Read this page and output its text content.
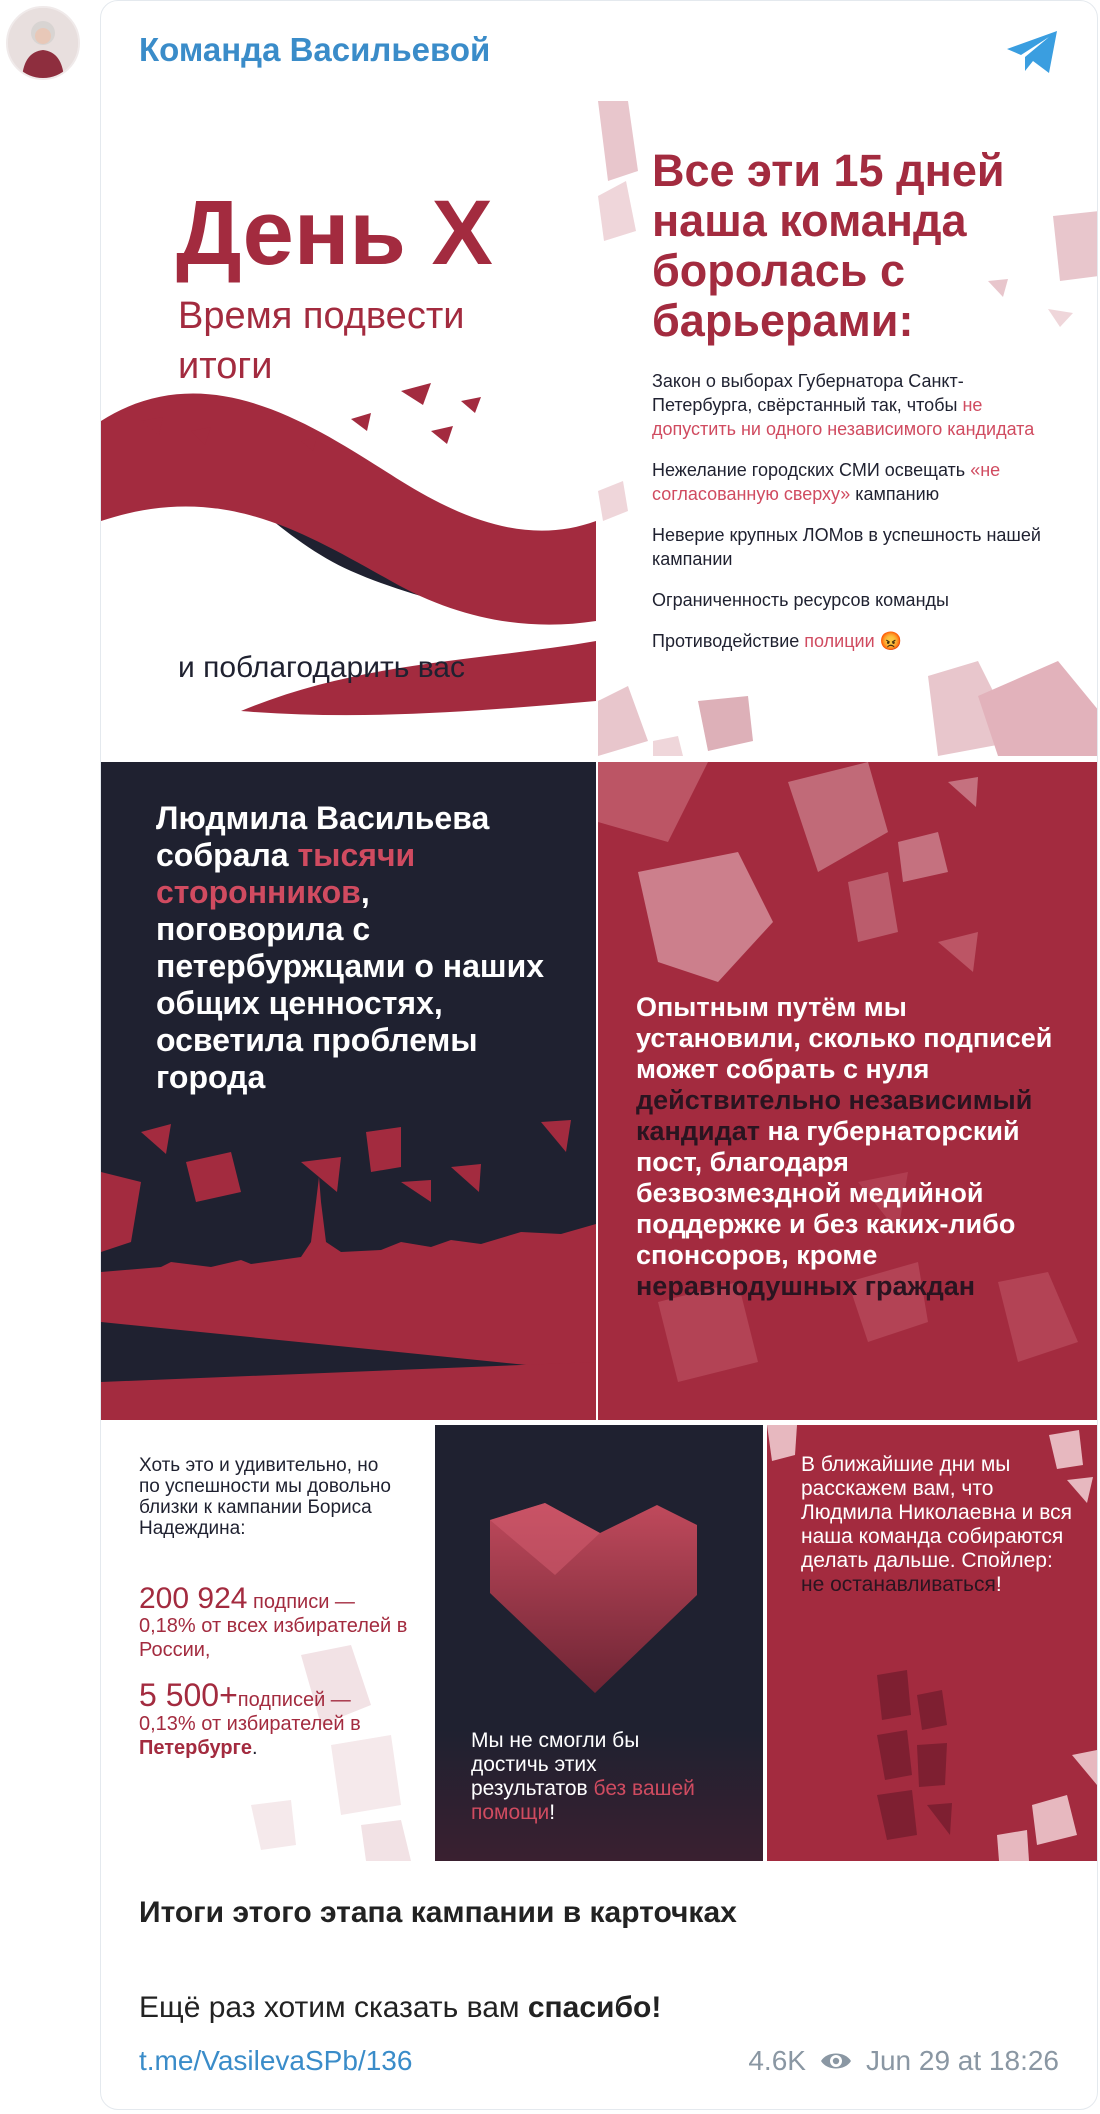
Команда Васильевой
День Х
Время подвести итоги
и поблагодарить вас
Все эти 15 дней наша команда боролась с барьерами:

Закон о выборах Губернатора Санкт-Петербурга, свёрстанный так, чтобы не допустить ни одного независимого кандидата

Нежелание городских СМИ освещать «не согласованную сверху» кампанию

Неверие крупных ЛОМов в успешность нашей кампании

Ограниченность ресурсов команды

Противодействие полиции 😡

Людмила Васильева собрала тысячи сторонников, поговорила с петербуржцами о наших общих ценностях, осветила проблемы города
Опытным путём мы установили, сколько подписей может собрать с нуля действительно независимый кандидат на губернаторский пост, благодаря безвозмездной медийной поддержке и без каких-либо спонсоров, кроме неравнодушных граждан
Хоть это и удивительно, но по успешности мы довольно близки к кампании Бориса Надеждина:
200 924 подписи — 0,18% от всех избирателей в России,
5 500+подписей — 0,13% от избирателей в Петербурге.	Мы не смогли бы достичь этих результатов без вашей помощи!
В ближайшие дни мы расскажем вам, что Людмила Николаевна и вся наша команда собираются делать дальше. Спойлер: не останавливаться!
Итоги этого этапа кампании в карточках
Ещё раз хотим сказать вам спасибо!
t.me/VasilevaSPb/136	4.6K Jun 29 at 18:26
